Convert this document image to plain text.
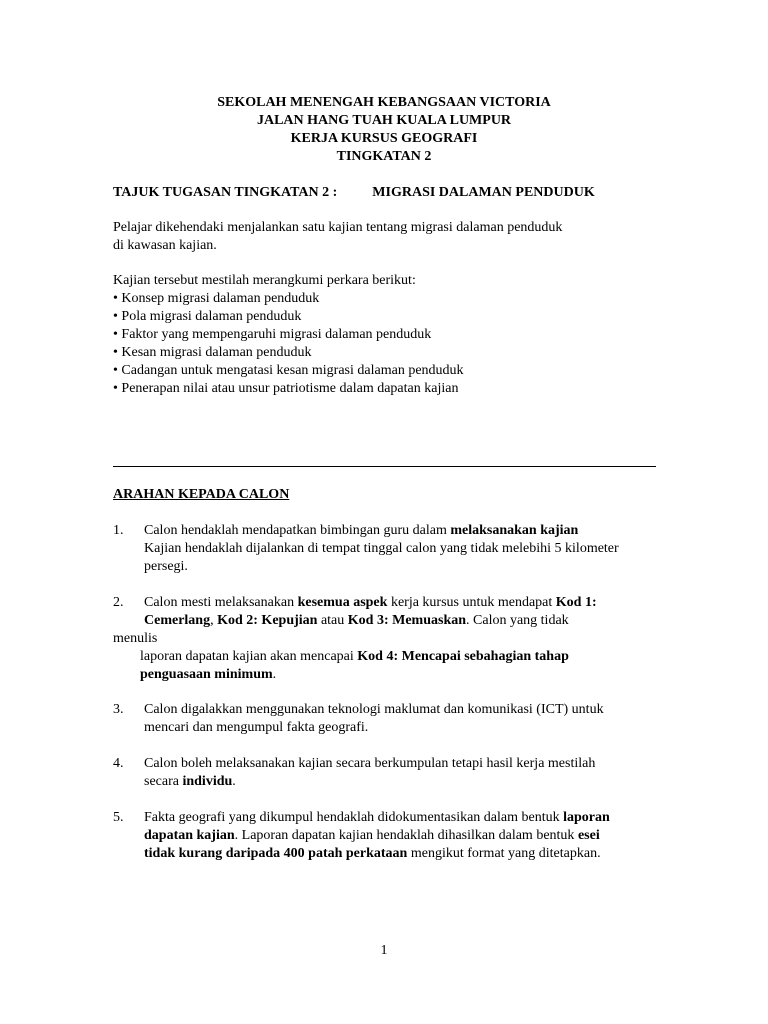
SEKOLAH MENENGAH KEBANGSAAN VICTORIA
JALAN HANG TUAH KUALA LUMPUR
KERJA KURSUS GEOGRAFI
TINGKATAN 2
TAJUK TUGASAN TINGKATAN 2 :	MIGRASI DALAMAN PENDUDUK
Pelajar dikehendaki menjalankan satu kajian tentang migrasi dalaman penduduk
di kawasan kajian.
Kajian tersebut mestilah merangkumi perkara berikut:
• Konsep migrasi dalaman penduduk
• Pola migrasi dalaman penduduk
• Faktor yang mempengaruhi migrasi dalaman penduduk
• Kesan migrasi dalaman penduduk
• Cadangan untuk mengatasi kesan migrasi dalaman penduduk
• Penerapan nilai atau unsur patriotisme dalam dapatan kajian
ARAHAN KEPADA CALON
1. Calon hendaklah mendapatkan bimbingan guru dalam melaksanakan kajian
Kajian hendaklah dijalankan di tempat tinggal calon yang tidak melebihi 5 kilometer
persegi.
2. Calon mesti melaksanakan kesemua aspek kerja kursus untuk mendapat Kod 1:
Cemerlang, Kod 2: Kepujian atau Kod 3: Memuaskan. Calon yang tidak
menulis
laporan dapatan kajian akan mencapai Kod 4: Mencapai sebahagian tahap
penguasaan minimum.
3. Calon digalakkan menggunakan teknologi maklumat dan komunikasi (ICT) untuk
mencari dan mengumpul fakta geografi.
4. Calon boleh melaksanakan kajian secara berkumpulan tetapi hasil kerja mestilah
secara individu.
5. Fakta geografi yang dikumpul hendaklah didokumentasikan dalam bentuk laporan
dapatan kajian. Laporan dapatan kajian hendaklah dihasilkan dalam bentuk esei
tidak kurang daripada 400 patah perkataan mengikut format yang ditetapkan.
1
